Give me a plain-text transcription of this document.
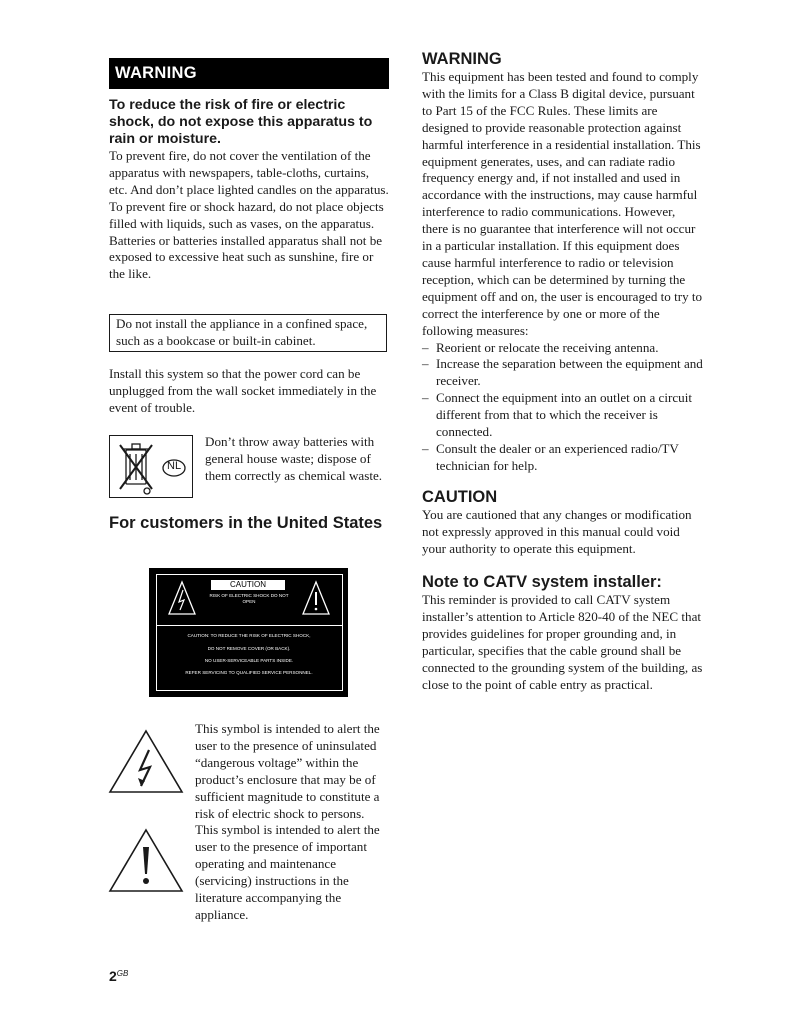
WARNING

To reduce the risk of fire or electric shock, do not expose this apparatus to rain or moisture.

To prevent fire, do not cover the ventilation of the apparatus with newspapers, table-cloths, curtains, etc. And don’t place lighted candles on the apparatus.

To prevent fire or shock hazard, do not place objects filled with liquids, such as vases, on the apparatus.

Batteries or batteries installed apparatus shall not be exposed to excessive heat such as sunshine, fire or the like.

Do not install the appliance in a confined space, such as a bookcase or built-in cabinet.

Install this system so that the power cord can be unplugged from the wall socket immediately in the event of trouble.

NL

Don’t throw away batteries with general house waste; dispose of them correctly as chemical waste.

For customers in the United States
CAUTION
RISK OF ELECTRIC SHOCK DO NOT OPEN
CAUTION: TO REDUCE THE RISK OF ELECTRIC SHOCK,
DO NOT REMOVE COVER (OR BACK).
NO USER-SERVICEABLE PARTS INSIDE.
REFER SERVICING TO QUALIFIED SERVICE PERSONNEL.

This symbol is intended to alert the user to the presence of uninsulated “dangerous voltage” within the product’s enclosure that may be of sufficient magnitude to constitute a risk of electric shock to persons.

This symbol is intended to alert the user to the presence of important operating and maintenance (servicing) instructions in the literature accompanying the appliance.

WARNING

This equipment has been tested and found to comply with the limits for a Class B digital device, pursuant to Part 15 of the FCC Rules. These limits are designed to provide reasonable protection against harmful interference in a residential installation. This equipment generates, uses, and can radiate radio frequency energy and, if not installed and used in accordance with the instructions, may cause harmful interference to radio communications. However, there is no guarantee that interference will not occur in a particular installation. If this equipment does cause harmful interference to radio or television reception, which can be determined by turning the equipment off and on, the user is encouraged to try to correct the interference by one or more of the following measures:

– Reorient or relocate the receiving antenna.
– Increase the separation between the equipment and receiver.
– Connect the equipment into an outlet on a circuit different from that to which the receiver is connected.
– Consult the dealer or an experienced radio/TV technician for help.

CAUTION

You are cautioned that any changes or modification not expressly approved in this manual could void your authority to operate this equipment.

Note to CATV system installer:

This reminder is provided to call CATV system installer’s attention to Article 820-40 of the NEC that provides guidelines for proper grounding and, in particular, specifies that the cable ground shall be connected to the grounding system of the building, as close to the point of cable entry as practical.

$2^{GB}$
